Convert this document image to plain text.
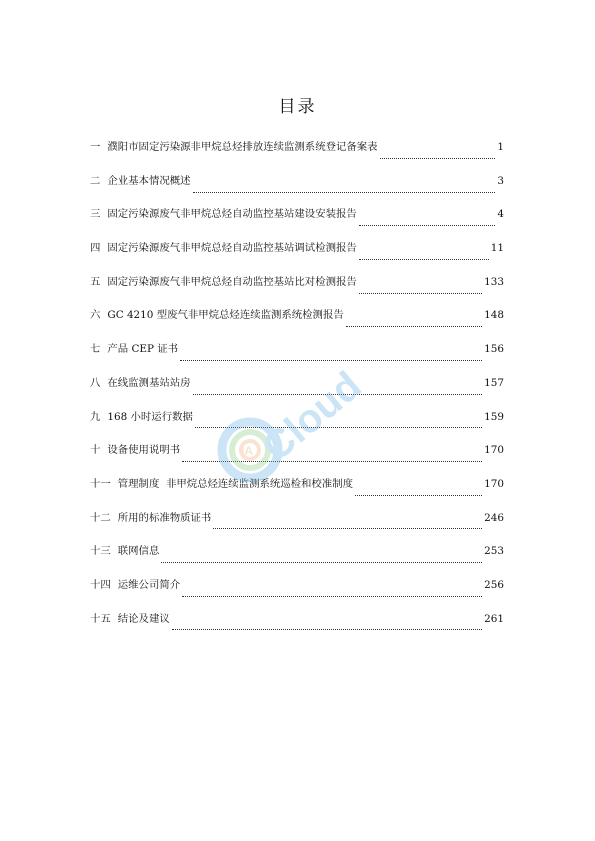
目录
一 濮阳市固定污染源非甲烷总烃排放连续监测系统登记备案表	1
二 企业基本情况概述	3
三 固定污染源废气非甲烷总烃自动监控基站建设安装报告	4
四 固定污染源废气非甲烷总烃自动监控基站调试检测报告	11
五 固定污染源废气非甲烷总烃自动监控基站比对检测报告	133
六 GC 4210 型废气非甲烷总烃连续监测系统检测报告	148
七 产品 CEP 证书	156
八 在线监测基站站房	157
九 168 小时运行数据	159
十 设备使用说明书	170
十一 管理制度  非甲烷总烃连续监测系统巡检和校准制度	170
十二 所用的标准物质证书	246
十三 联网信息	253
十四 运维公司简介	256
十五 结论及建议	261
IA Cloud
